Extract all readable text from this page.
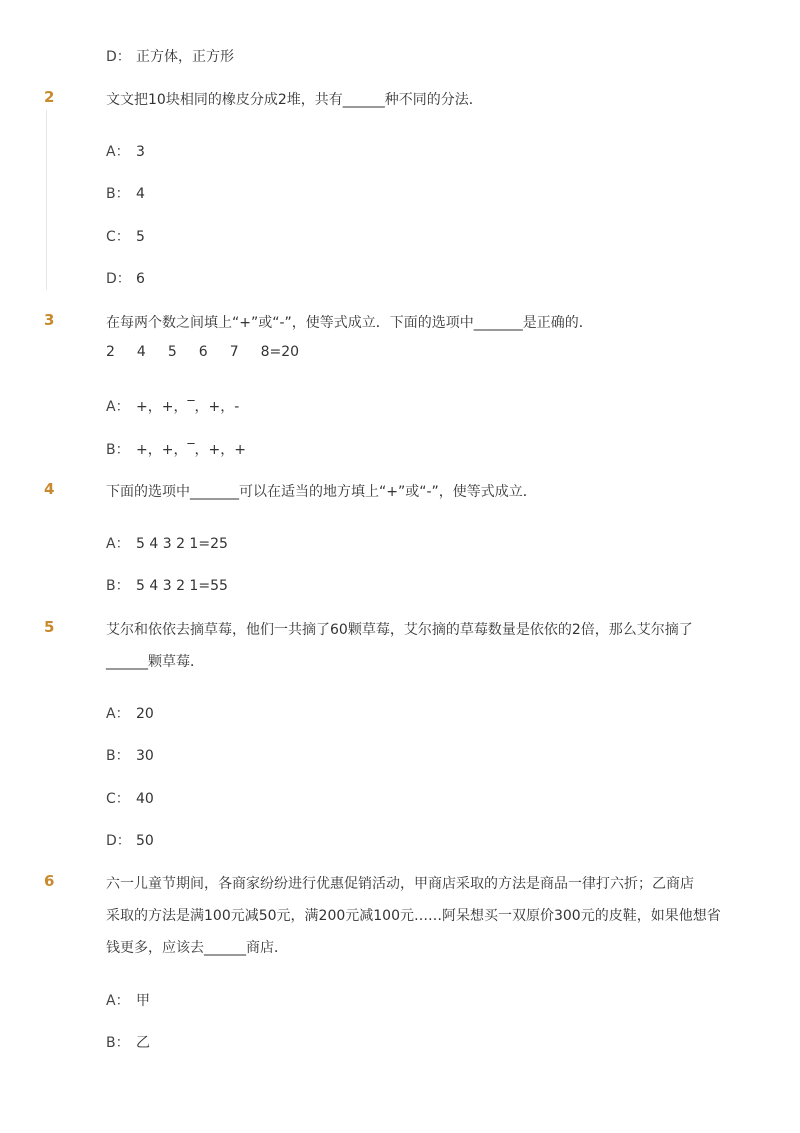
D： 正方体，正方形
2	文文把10块相同的橡皮分成2堆，共有______种不同的分法．
A： 3
B： 4
C： 5
D： 6
3	在每两个数之间填上“+”或“-”，使等式成立．下面的选项中_______是正确的．
2 4 5 6 7 8=20
A： +，+，‾，+，-
B： +，+，‾，+，+
4	下面的选项中_______可以在适当的地方填上“+”或“-”，使等式成立．
A： 5 4 3 2 1=25
B： 5 4 3 2 1=55
5	艾尔和依依去摘草莓，他们一共摘了60颗草莓，艾尔摘的草莓数量是依依的2倍，那么艾尔摘了
______颗草莓．
A： 20
B： 30
C： 40
D： 50
6	六一儿童节期间，各商家纷纷进行优惠促销活动，甲商店采取的方法是商品一律打六折；乙商店
采取的方法是满100元减50元，满200元减100元……阿呆想买一双原价300元的皮鞋，如果他想省
钱更多，应该去______商店．
A： 甲
B： 乙
